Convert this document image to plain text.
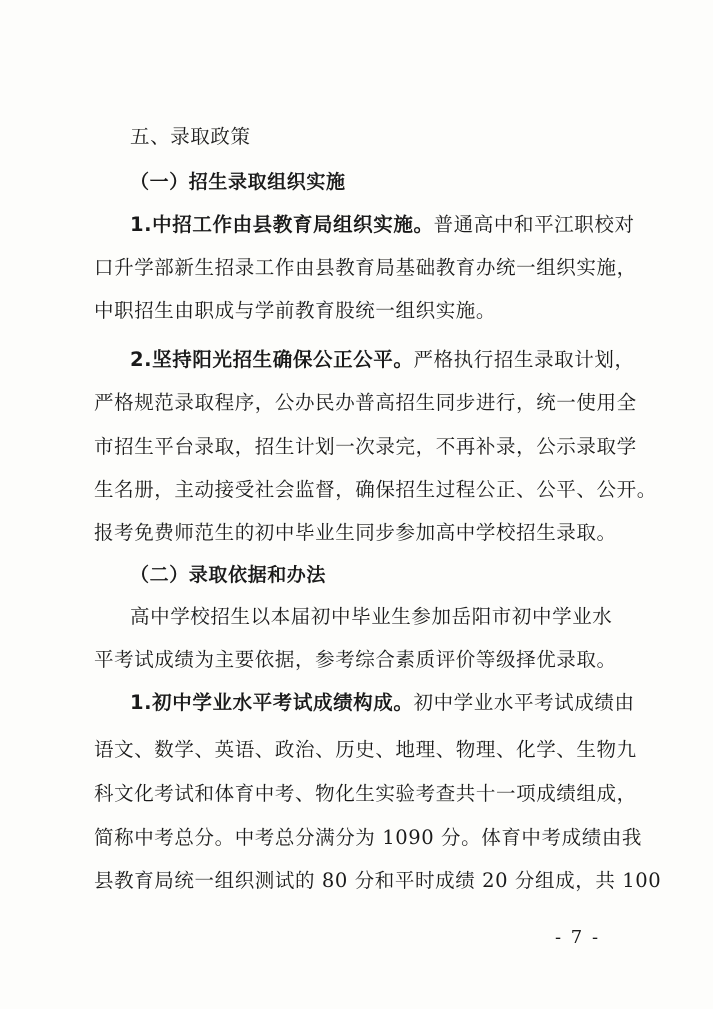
五、录取政策
（一）招生录取组织实施
1.中招工作由县教育局组织实施。普通高中和平江职校对
口升学部新生招录工作由县教育局基础教育办统一组织实施，
中职招生由职成与学前教育股统一组织实施。
2.坚持阳光招生确保公正公平。严格执行招生录取计划，
严格规范录取程序，公办民办普高招生同步进行，统一使用全
市招生平台录取，招生计划一次录完，不再补录，公示录取学
生名册，主动接受社会监督，确保招生过程公正、公平、公开。
报考免费师范生的初中毕业生同步参加高中学校招生录取。
（二）录取依据和办法
高中学校招生以本届初中毕业生参加岳阳市初中学业水
平考试成绩为主要依据，参考综合素质评价等级择优录取。
1.初中学业水平考试成绩构成。初中学业水平考试成绩由
语文、数学、英语、政治、历史、地理、物理、化学、生物九
科文化考试和体育中考、物化生实验考查共十一项成绩组成，
简称中考总分。中考总分满分为 1090 分。体育中考成绩由我
县教育局统一组织测试的 80 分和平时成绩 20 分组成，共 100
- 7 -
